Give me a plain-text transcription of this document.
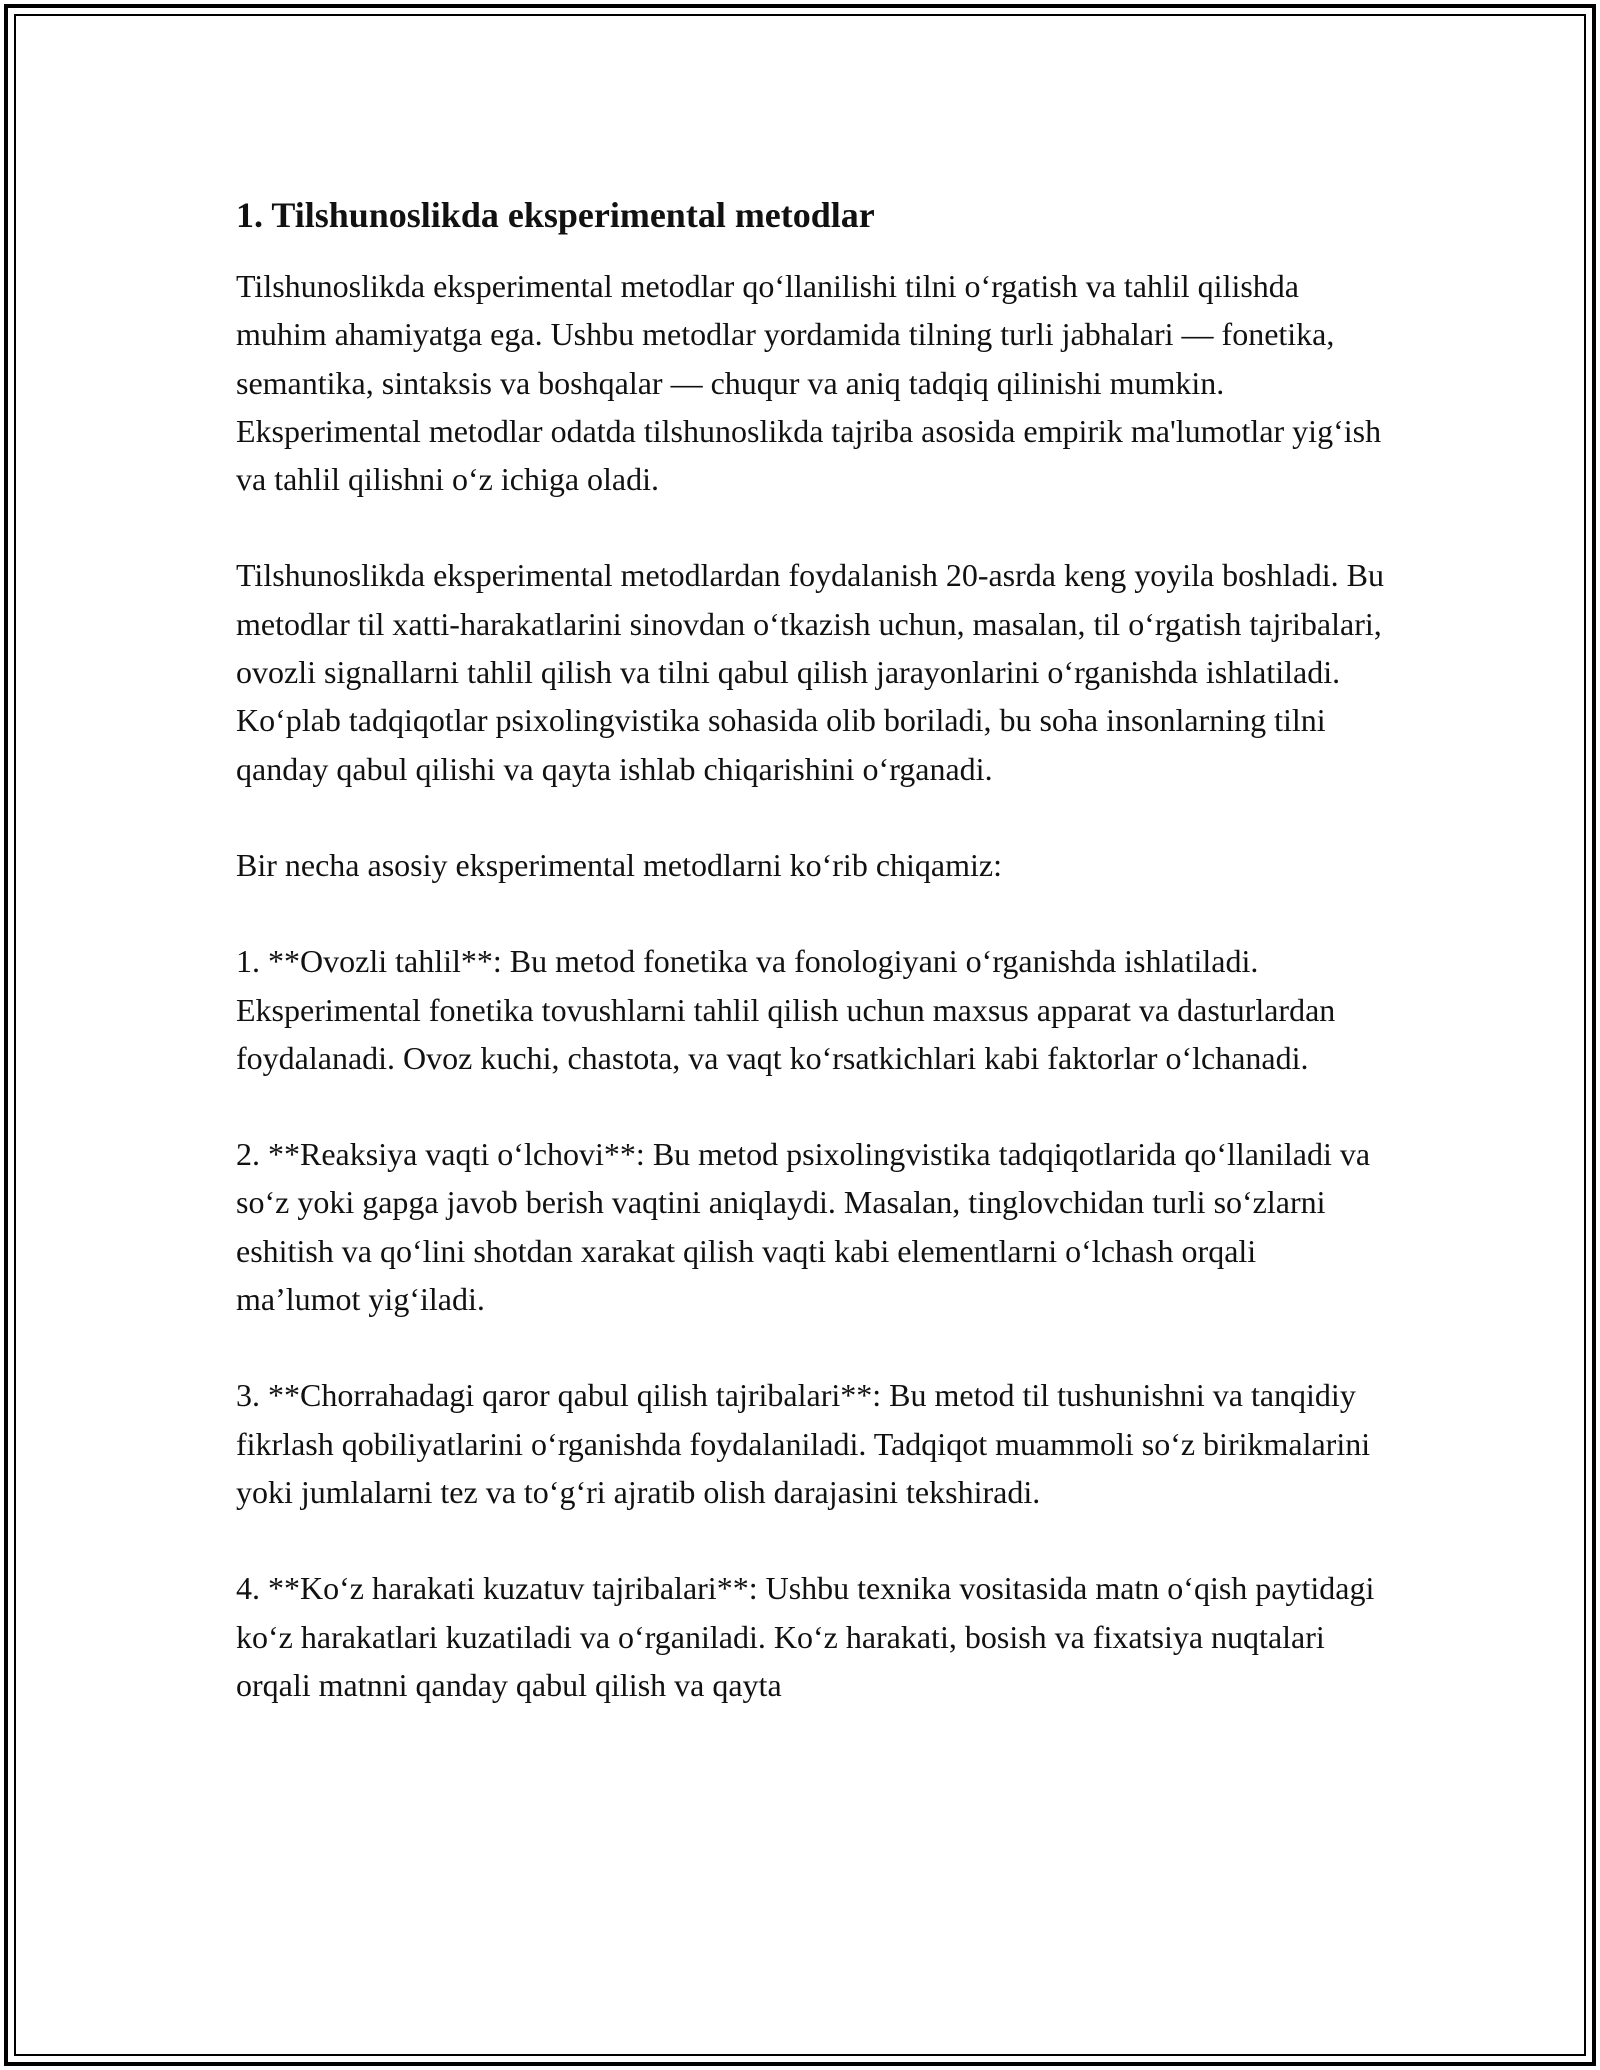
1. Tilshunoslikda eksperimental metodlar

Tilshunoslikda eksperimental metodlar qo‘llanilishi tilni o‘rgatish va tahlil qilishda muhim ahamiyatga ega. Ushbu metodlar yordamida tilning turli jabhalari — fonetika, semantika, sintaksis va boshqalar — chuqur va aniq tadqiq qilinishi mumkin. Eksperimental metodlar odatda tilshunoslikda tajriba asosida empirik ma'lumotlar yig‘ish va tahlil qilishni o‘z ichiga oladi.

Tilshunoslikda eksperimental metodlardan foydalanish 20-asrda keng yoyila boshladi. Bu metodlar til xatti-harakatlarini sinovdan o‘tkazish uchun, masalan, til o‘rgatish tajribalari, ovozli signallarni tahlil qilish va tilni qabul qilish jarayonlarini o‘rganishda ishlatiladi. Ko‘plab tadqiqotlar psixolingvistika sohasida olib boriladi, bu soha insonlarning tilni qanday qabul qilishi va qayta ishlab chiqarishini o‘rganadi.

Bir necha asosiy eksperimental metodlarni ko‘rib chiqamiz:

1. **Ovozli tahlil**: Bu metod fonetika va fonologiyani o‘rganishda ishlatiladi. Eksperimental fonetika tovushlarni tahlil qilish uchun maxsus apparat va dasturlardan foydalanadi. Ovoz kuchi, chastota, va vaqt ko‘rsatkichlari kabi faktorlar o‘lchanadi.

2. **Reaksiya vaqti o‘lchovi**: Bu metod psixolingvistika tadqiqotlarida qo‘llaniladi va so‘z yoki gapga javob berish vaqtini aniqlaydi. Masalan, tinglovchidan turli so‘zlarni eshitish va qo‘lini shotdan xarakat qilish vaqti kabi elementlarni o‘lchash orqali ma’lumot yig‘iladi.

3. **Chorrahadagi qaror qabul qilish tajribalari**: Bu metod til tushunishni va tanqidiy fikrlash qobiliyatlarini o‘rganishda foydalaniladi. Tadqiqot muammoli so‘z birikmalarini yoki jumlalarni tez va to‘g‘ri ajratib olish darajasini tekshiradi.

4. **Ko‘z harakati kuzatuv tajribalari**: Ushbu texnika vositasida matn o‘qish paytidagi ko‘z harakatlari kuzatiladi va o‘rganiladi. Ko‘z harakati, bosish va fixatsiya nuqtalari orqali matnni qanday qabul qilish va qayta
